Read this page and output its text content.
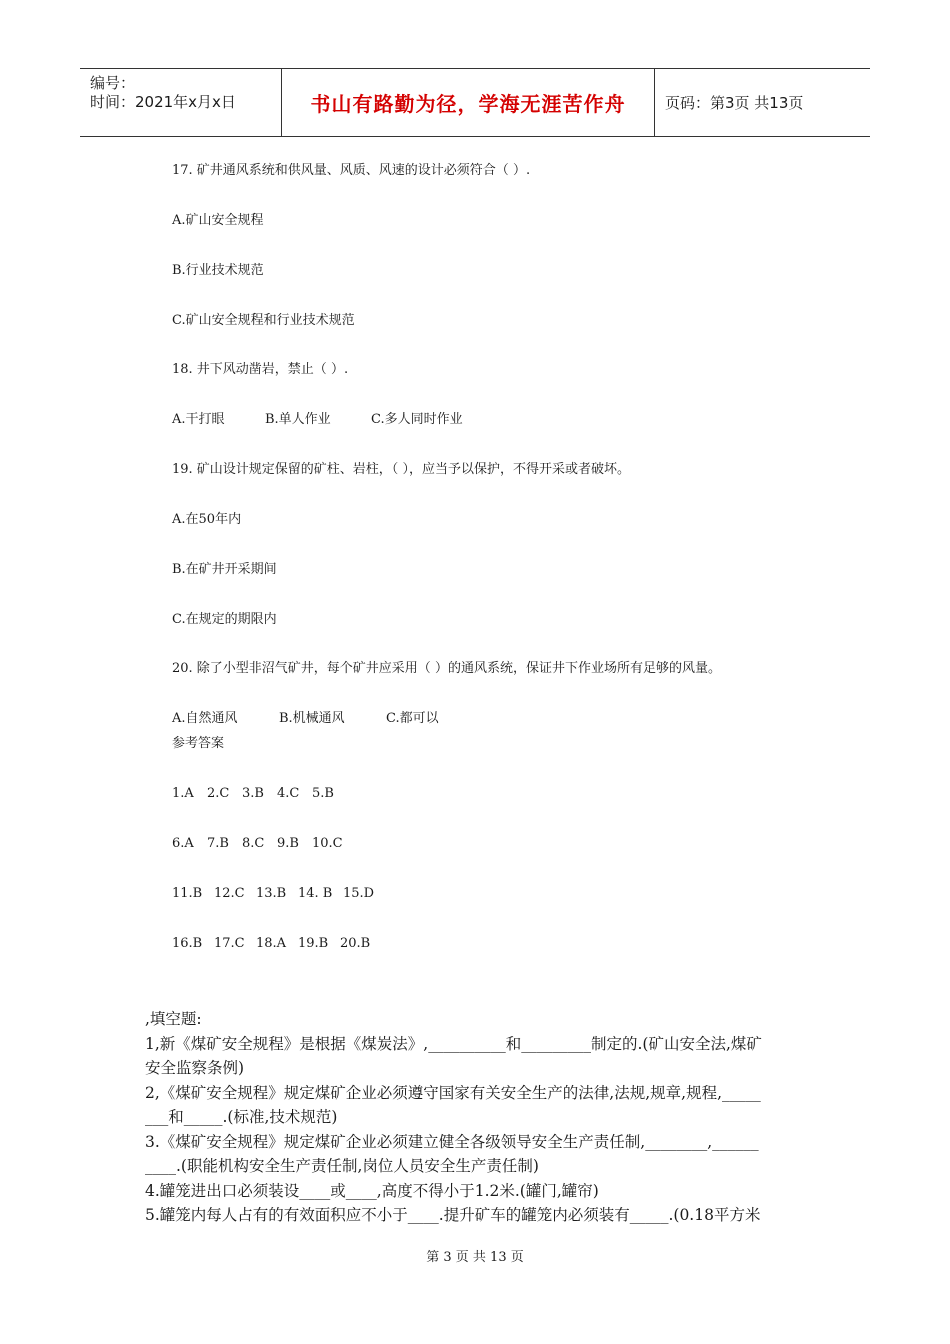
编号：
时间：2021年x月x日	书山有路勤为径，学海无涯苦作舟	页码：第3页 共13页
17. 矿井通风系统和供风量、风质、风速的设计必须符合（ ）.
A.矿山安全规程
B.行业技术规范
C.矿山安全规程和行业技术规范
18. 井下风动凿岩，禁止（ ）.
A.干打眼	B.单人作业	C.多人同时作业
19. 矿山设计规定保留的矿柱、岩柱，（ ），应当予以保护，不得开采或者破坏。
A.在50年内
B.在矿井开采期间
C.在规定的期限内
20. 除了小型非沼气矿井，每个矿井应采用（ ）的通风系统，保证井下作业场所有足够的风量。
A.自然通风	B.机械通风	C.都可以
参考答案
1.A 2.C 3.B 4.C 5.B
6.A 7.B 8.C 9.B 10.C
11.B 12.C 13.B 14. B 15.D
16.B 17.C 18.A 19.B 20.B
,填空题:
1,新《煤矿安全规程》是根据《煤炭法》,__________和_________制定的.(矿山安全法,煤矿
安全监察条例)
2,《煤矿安全规程》规定煤矿企业必须遵守国家有关安全生产的法律,法规,规章,规程,_____
___和_____.(标准,技术规范)
3.《煤矿安全规程》规定煤矿企业必须建立健全各级领导安全生产责任制,________,______
____.(职能机构安全生产责任制,岗位人员安全生产责任制)
4.罐笼进出口必须装设____或____,高度不得小于1.2米.(罐门,罐帘)
5.罐笼内每人占有的有效面积应不小于____.提升矿车的罐笼内必须装有_____.(0.18平方米
第 3 页 共 13 页
